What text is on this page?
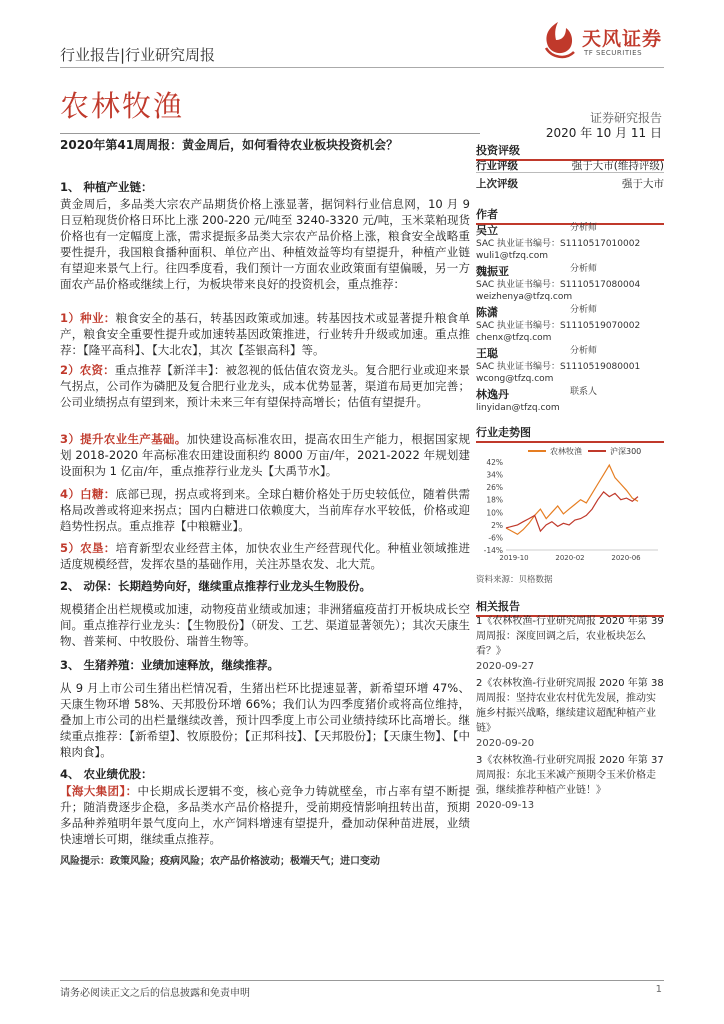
行业报告|行业研究周报
天风证券
TF SECURITIES
农林牧渔	证券研究报告
2020 年 10 月 11 日
2020年第41周周报：黄金周后，如何看待农业板块投资机会？
1、 种植产业链：
黄金周后，多品类大宗农产品期货价格上涨显著，据饲料行业信息网，10 月 9 日豆粕现货价格日环比上涨 200-220 元/吨至 3240-3320 元/吨，玉米菜粕现货价格也有一定幅度上涨，需求提振多品类大宗农产品价格上涨，粮食安全战略重要性提升，我国粮食播种面积、单位产出、种植效益等均有望提升，种植产业链有望迎来景气上行。往四季度看，我们预计一方面农业政策面有望偏暖，另一方面农产品价格或继续上行，为板块带来良好的投资机会，重点推荐：
1）种业：粮食安全的基石，转基因政策或加速。转基因技术或显著提升粮食单产，粮食安全重要性提升或加速转基因政策推进，行业转升升级或加速。重点推荐：【隆平高科】、【大北农】，其次【荃银高科】等。
2）农资：重点推荐【新洋丰】：被忽视的低估值农资龙头。复合肥行业或迎来景气拐点，公司作为磷肥及复合肥行业龙头，成本优势显著，渠道布局更加完善；公司业绩拐点有望到来，预计未来三年有望保持高增长；估值有望提升。
3）提升农业生产基础。加快建设高标准农田，提高农田生产能力，根据国家规划 2018-2020 年高标准农田建设面积约 8000 万亩/年，2021-2022 年规划建设面积为 1 亿亩/年，重点推荐行业龙头【大禹节水】。
4）白糖：底部已现，拐点或将到来。全球白糖价格处于历史较低位，随着供需格局改善或将迎来拐点；国内白糖进口依赖度大，当前库存水平较低，价格或迎趋势性拐点。重点推荐【中粮糖业】。
5）农垦：培育新型农业经营主体，加快农业生产经营现代化。种植业领域推进适度规模经营，发挥农垦的基础作用，关注苏垦农发、北大荒。
2、 动保：长期趋势向好，继续重点推荐行业龙头生物股份。
规模猪企出栏规模或加速，动物疫苗业绩或加速；非洲猪瘟疫苗打开板块成长空间。重点推荐行业龙头：【生物股份】（研发、工艺、渠道显著领先）；其次天康生物、普莱柯、中牧股份、瑞普生物等。
3、 生猪养殖：业绩加速释放，继续推荐。
从 9 月上市公司生猪出栏情况看，生猪出栏环比提速显著，新希望环增 47%、天康生物环增 58%、天邦股份环增 66%；我们认为四季度猪价或将高位维持，叠加上市公司的出栏量继续改善，预计四季度上市公司业绩持续环比高增长。继续重点推荐：【新希望】、牧原股份；【正邦科技】、【天邦股份】；【天康生物】、【中粮肉食】。
4、 农业绩优股：
【海大集团】：中长期成长逻辑不变，核心竞争力铸就壁垒，市占率有望不断提升；随消费逐步企稳，多品类水产品价格提升，受前期疫情影响扭转出苗，预期多品种养殖明年景气度向上，水产饲料增速有望提升，叠加动保种苗进展，业绩快速增长可期，继续重点推荐。
风险提示：政策风险；疫病风险；农产品价格波动；极端天气；进口变动
投资评级
行业评级	强于大市(维持评级)
上次评级	强于大市
作者
吴立	分析师
SAC 执业证书编号：S1110517010002
wuli1@tfzq.com
魏振亚	分析师
SAC 执业证书编号：S1110517080004
weizhenya@tfzq.com
陈潇	分析师
SAC 执业证书编号：S1110519070002
chenx@tfzq.com
王聪	分析师
SAC 执业证书编号：S1110519080001
wcong@tfzq.com
林逸丹	联系人
linyidan@tfzq.com
行业走势图
农林牧渔	沪深300
42%
34%
26%
18%
10%
2%
-6%
-14%
2019-10	2020-02	2020-06
资料来源：贝格数据
相关报告
1《农林牧渔-行业研究周报 2020 年第 39 周周报：深度回调之后，农业板块怎么看？》
2020-09-27
2《农林牧渔-行业研究周报 2020 年第 38 周周报：坚持农业农村优先发展，推动实施乡村振兴战略，继续建议超配种植产业链》
2020-09-20
3《农林牧渔-行业研究周报 2020 年第 37 周周报：东北玉米减产预期令玉米价格走强，继续推荐种植产业链！》
2020-09-13
请务必阅读正文之后的信息披露和免责申明	1
